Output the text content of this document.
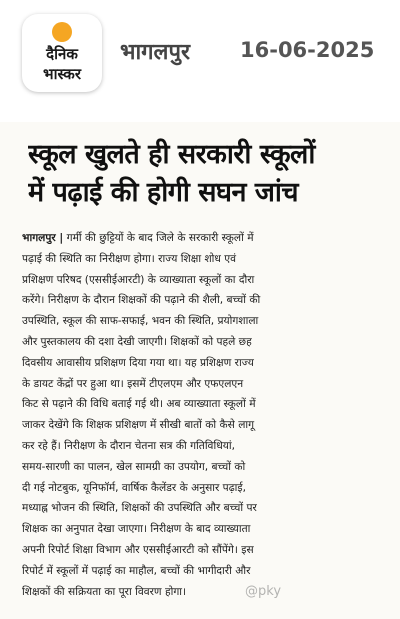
दैनिक
भास्कर
भागलपुर 16-06-2025
स्कूल खुलते ही सरकारी स्कूलों
में पढ़ाई की होगी सघन जांच
भागलपुर | गर्मी की छुट्टियों के बाद जिले के सरकारी स्कूलों में
पढ़ाई की स्थिति का निरीक्षण होगा। राज्य शिक्षा शोध एवं
प्रशिक्षण परिषद (एससीईआरटी) के व्याख्याता स्कूलों का दौरा
करेंगे। निरीक्षण के दौरान शिक्षकों की पढ़ाने की शैली, बच्चों की
उपस्थिति, स्कूल की साफ-सफाई, भवन की स्थिति, प्रयोगशाला
और पुस्तकालय की दशा देखी जाएगी। शिक्षकों को पहले छह
दिवसीय आवासीय प्रशिक्षण दिया गया था। यह प्रशिक्षण राज्य
के डायट केंद्रों पर हुआ था। इसमें टीएलएम और एफएलएन
किट से पढ़ाने की विधि बताई गई थी। अब व्याख्याता स्कूलों में
जाकर देखेंगे कि शिक्षक प्रशिक्षण में सीखी बातों को कैसे लागू
कर रहे हैं। निरीक्षण के दौरान चेतना सत्र की गतिविधियां,
समय-सारणी का पालन, खेल सामग्री का उपयोग, बच्चों को
दी गई नोटबुक, यूनिफॉर्म, वार्षिक कैलेंडर के अनुसार पढ़ाई,
मध्याह्न भोजन की स्थिति, शिक्षकों की उपस्थिति और बच्चों पर
शिक्षक का अनुपात देखा जाएगा। निरीक्षण के बाद व्याख्याता
अपनी रिपोर्ट शिक्षा विभाग और एससीईआरटी को सौंपेंगे। इस
रिपोर्ट में स्कूलों में पढ़ाई का माहौल, बच्चों की भागीदारी और
शिक्षकों की सक्रियता का पूरा विवरण होगा।	@pky
